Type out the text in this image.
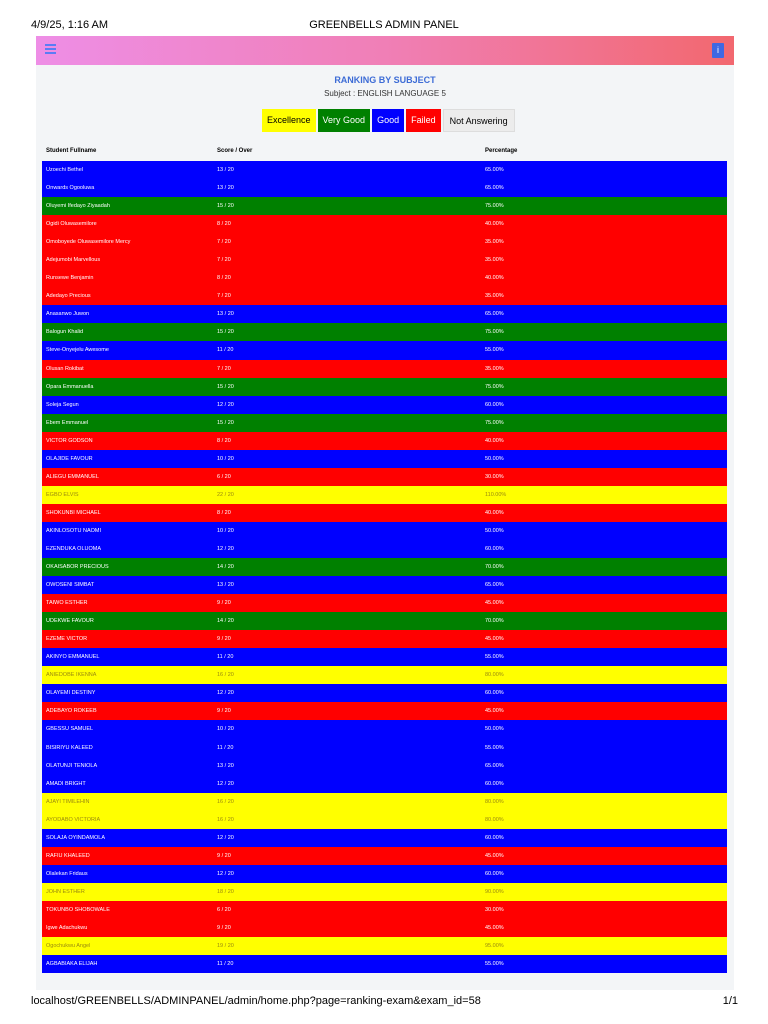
4/9/25, 1:16 AM	GREENBELLS ADMIN PANEL
i
RANKING BY SUBJECT
Subject : ENGLISH LANGUAGE 5
Excellence	Very Good	Good	Failed	Not Answering
Student Fullname	Score / Over	Percentage
Uzoechi Bethel	13 / 20	65.00%
Onwards Ogooluwa	13 / 20	65.00%
Oluyemi Ifedayo Ziyaadah	15 / 20	75.00%
Ogidi Oluwasemilore	8 / 20	40.00%
Omoboyede Oluwasemilore Mercy	7 / 20	35.00%
Adejumobi Marvellous	7 / 20	35.00%
Runsewe Benjamin	8 / 20	40.00%
Adedayo Precious	7 / 20	35.00%
Anasanwo Juwon	13 / 20	65.00%
Balogun Khalid	15 / 20	75.00%
Steve-Onyejelu Awesome	11 / 20	55.00%
Olusan Rokibat	7 / 20	35.00%
Opara Emmanuella	15 / 20	75.00%
Soleja Segun	12 / 20	60.00%
Ebem Emmanuel	15 / 20	75.00%
VICTOR GODSON	8 / 20	40.00%
OLAJIDE FAVOUR	10 / 20	50.00%
ALIEGU EMMANUEL	6 / 20	30.00%
EGBO ELVIS	22 / 20	110.00%
SHOKUNBI MICHAEL	8 / 20	40.00%
AKINLOSOTU NAOMI	10 / 20	50.00%
EZENDUKA OLUOMA	12 / 20	60.00%
OKAISABOR PRECIOUS	14 / 20	70.00%
OWOSENI SIMBAT	13 / 20	65.00%
TAIWO ESTHER	9 / 20	45.00%
UDEKWE FAVOUR	14 / 20	70.00%
EZEME VICTOR	9 / 20	45.00%
AKINYO EMMANUEL	11 / 20	55.00%
ANIEDOBE IKENNA	16 / 20	80.00%
OLAYEMI DESTINY	12 / 20	60.00%
ADEBAYO ROKEEB	9 / 20	45.00%
GBESSU SAMUEL	10 / 20	50.00%
BISIRIYU KALEED	11 / 20	55.00%
OLATUNJI TENIOLA	13 / 20	65.00%
AMADI BRIGHT	12 / 20	60.00%
AJAYI TIMILEHIN	16 / 20	80.00%
AYODABO VICTORIA	16 / 20	80.00%
SOLAJA OYINDAMOLA	12 / 20	60.00%
RAFIU KHALEED	9 / 20	45.00%
Olalekan Fridaus	12 / 20	60.00%
JOHN ESTHER	18 / 20	90.00%
TOKUNBO SHOBOWALE	6 / 20	30.00%
Igwe Adachukwu	9 / 20	45.00%
Ogochukwu Angel	19 / 20	95.00%
AGBABIAKA ELIJAH	11 / 20	55.00%
localhost/GREENBELLS/ADMINPANEL/admin/home.php?page=ranking-exam&exam_id=58	1/1
